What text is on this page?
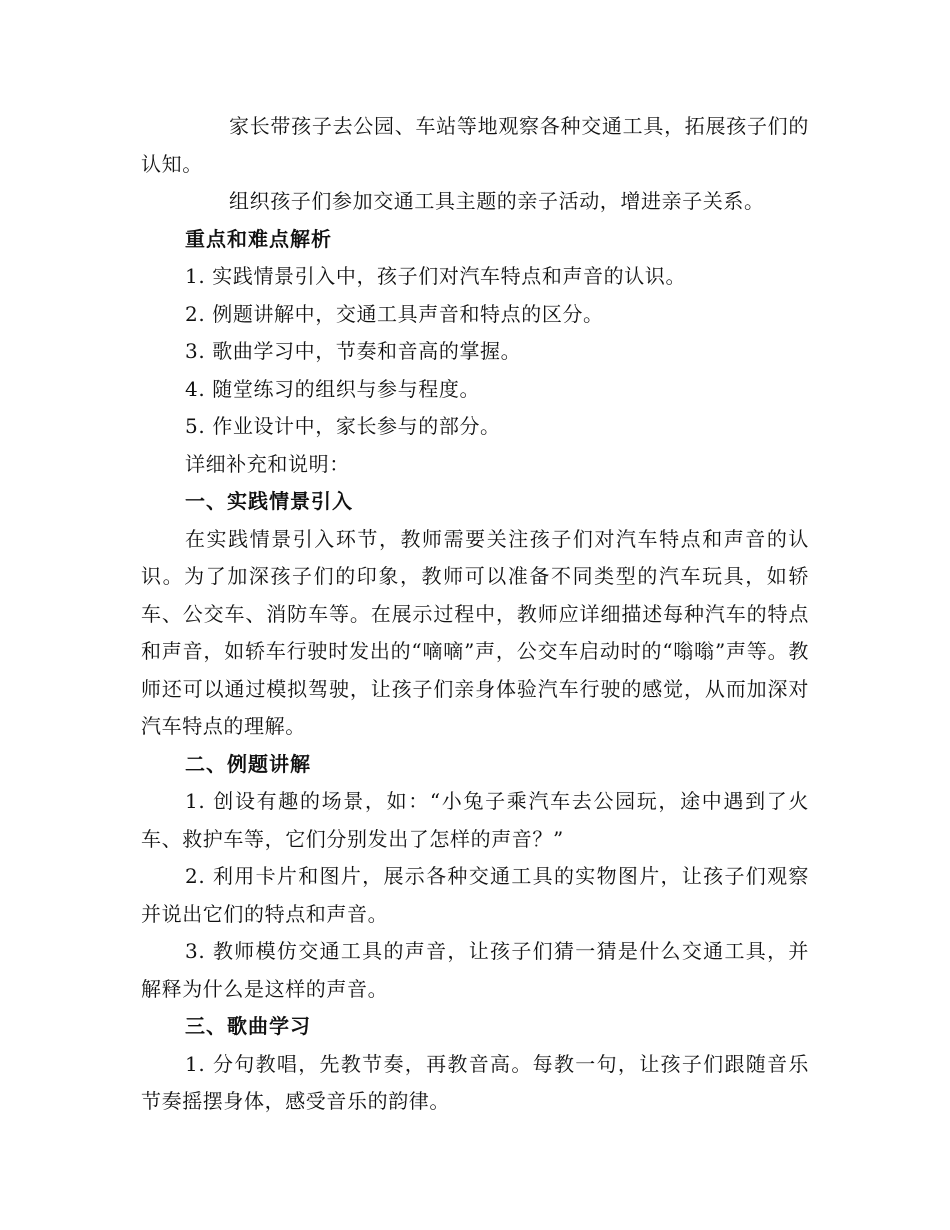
家长带孩子去公园、车站等地观察各种交通工具，拓展孩子们的认知。

组织孩子们参加交通工具主题的亲子活动，增进亲子关系。

重点和难点解析

1. 实践情景引入中，孩子们对汽车特点和声音的认识。

2. 例题讲解中，交通工具声音和特点的区分。

3. 歌曲学习中，节奏和音高的掌握。

4. 随堂练习的组织与参与程度。

5. 作业设计中，家长参与的部分。

详细补充和说明：

一、实践情景引入

在实践情景引入环节，教师需要关注孩子们对汽车特点和声音的认识。为了加深孩子们的印象，教师可以准备不同类型的汽车玩具，如轿车、公交车、消防车等。在展示过程中，教师应详细描述每种汽车的特点和声音，如轿车行驶时发出的“嘀嘀”声，公交车启动时的“嗡嗡”声等。教师还可以通过模拟驾驶，让孩子们亲身体验汽车行驶的感觉，从而加深对汽车特点的理解。

二、例题讲解

1. 创设有趣的场景，如：“小兔子乘汽车去公园玩，途中遇到了火车、救护车等，它们分别发出了怎样的声音？”

2. 利用卡片和图片，展示各种交通工具的实物图片，让孩子们观察并说出它们的特点和声音。

3. 教师模仿交通工具的声音，让孩子们猜一猜是什么交通工具，并解释为什么是这样的声音。

三、歌曲学习

1. 分句教唱，先教节奏，再教音高。每教一句，让孩子们跟随音乐节奏摇摆身体，感受音乐的韵律。
